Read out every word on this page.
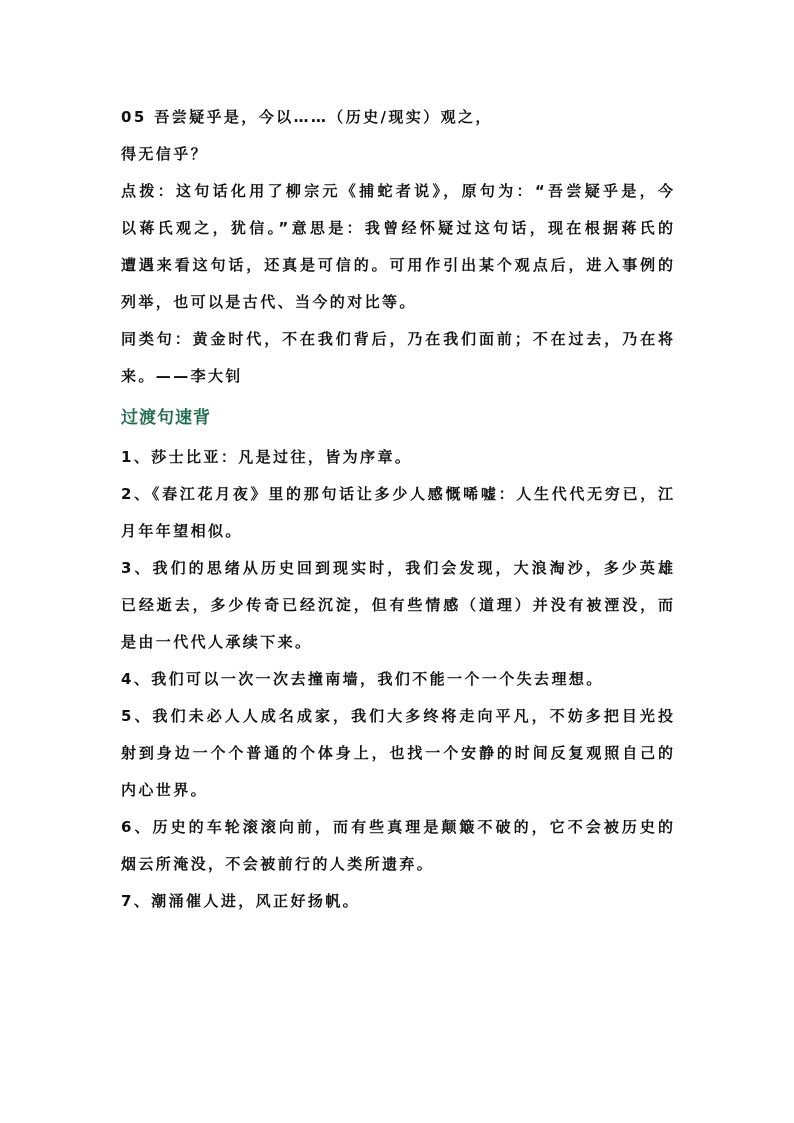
05 吾尝疑乎是，今以……（历史/现实）观之，
得无信乎？
点拨：这句话化用了柳宗元《捕蛇者说》，原句为：“吾尝疑乎是，今
以蒋氏观之，犹信。”意思是：我曾经怀疑过这句话，现在根据蒋氏的
遭遇来看这句话，还真是可信的。可用作引出某个观点后，进入事例的
列举，也可以是古代、当今的对比等。
同类句：黄金时代，不在我们背后，乃在我们面前；不在过去，乃在将
来。——李大钊
过渡句速背
1、莎士比亚：凡是过往，皆为序章。
2、《春江花月夜》里的那句话让多少人感慨唏嘘：人生代代无穷已，江
月年年望相似。
3、我们的思绪从历史回到现实时，我们会发现，大浪淘沙，多少英雄
已经逝去，多少传奇已经沉淀，但有些情感（道理）并没有被湮没，而
是由一代代人承续下来。
4、我们可以一次一次去撞南墙，我们不能一个一个失去理想。
5、我们未必人人成名成家，我们大多终将走向平凡，不妨多把目光投
射到身边一个个普通的个体身上，也找一个安静的时间反复观照自己的
内心世界。
6、历史的车轮滚滚向前，而有些真理是颠簸不破的，它不会被历史的
烟云所淹没，不会被前行的人类所遗弃。
7、潮涌催人进，风正好扬帆。
